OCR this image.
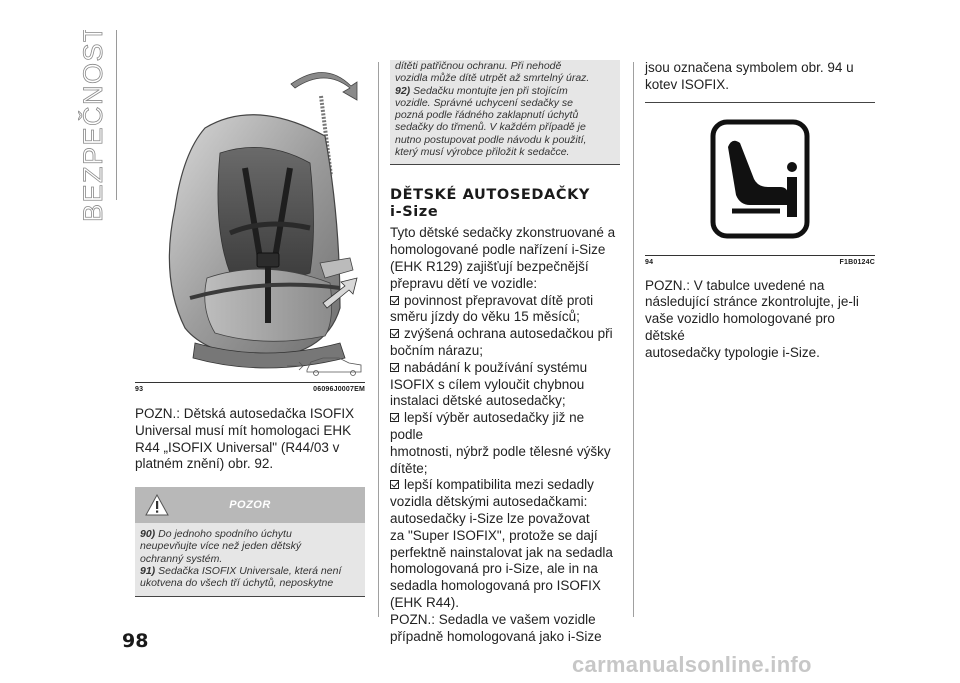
BEZPEČNOST
93	06096J0007EM
POZN.: Dětská autosedačka ISOFIX
Universal musí mít homologaci EHK
R44 „ISOFIX Universal" (R44/03 v
platném znění) obr. 92.
POZOR
90) Do jednoho spodního úchytu
neupevňujte více než jeden dětský
ochranný systém.
91) Sedačka ISOFIX Universale, která není
ukotvena do všech tří úchytů, neposkytne
dítěti patřičnou ochranu. Při nehodě
vozidla může dítě utrpět až smrtelný úraz.
92) Sedačku montujte jen při stojícím
vozidle. Správné uchycení sedačky se
pozná podle řádného zaklapnutí úchytů
sedačky do třmenů. V každém případě je
nutno postupovat podle návodu k použití,
který musí výrobce přiložit k sedačce.
DĚTSKÉ AUTOSEDAČKY
i-Size
Tyto dětské sedačky zkonstruované a
homologované podle nařízení i-Size
(EHK R129) zajišťují bezpečnější
přepravu dětí ve vozidle:
povinnost přepravovat dítě proti
směru jízdy do věku 15 měsíců;
zvýšená ochrana autosedačkou při
bočním nárazu;
nabádání k používání systému
ISOFIX s cílem vyloučit chybnou
instalaci dětské autosedačky;
lepší výběr autosedačky již ne podle
hmotnosti, nýbrž podle tělesné výšky
dítěte;
lepší kompatibilita mezi sedadly
vozidla dětskými autosedačkami:
autosedačky i-Size lze považovat
za "Super ISOFIX", protože se dají
perfektně nainstalovat jak na sedadla
homologovaná pro i-Size, ale in na
sedadla homologovaná pro ISOFIX
(EHK R44).
POZN.: Sedadla ve vašem vozidle
případně homologovaná jako i-Size
jsou označena symbolem obr. 94 u
kotev ISOFIX.
94	F1B0124C
POZN.: V tabulce uvedené na
následující stránce zkontrolujte, je-li
vaše vozidlo homologované pro dětské
autosedačky typologie i-Size.
98
carmanualsonline.info
